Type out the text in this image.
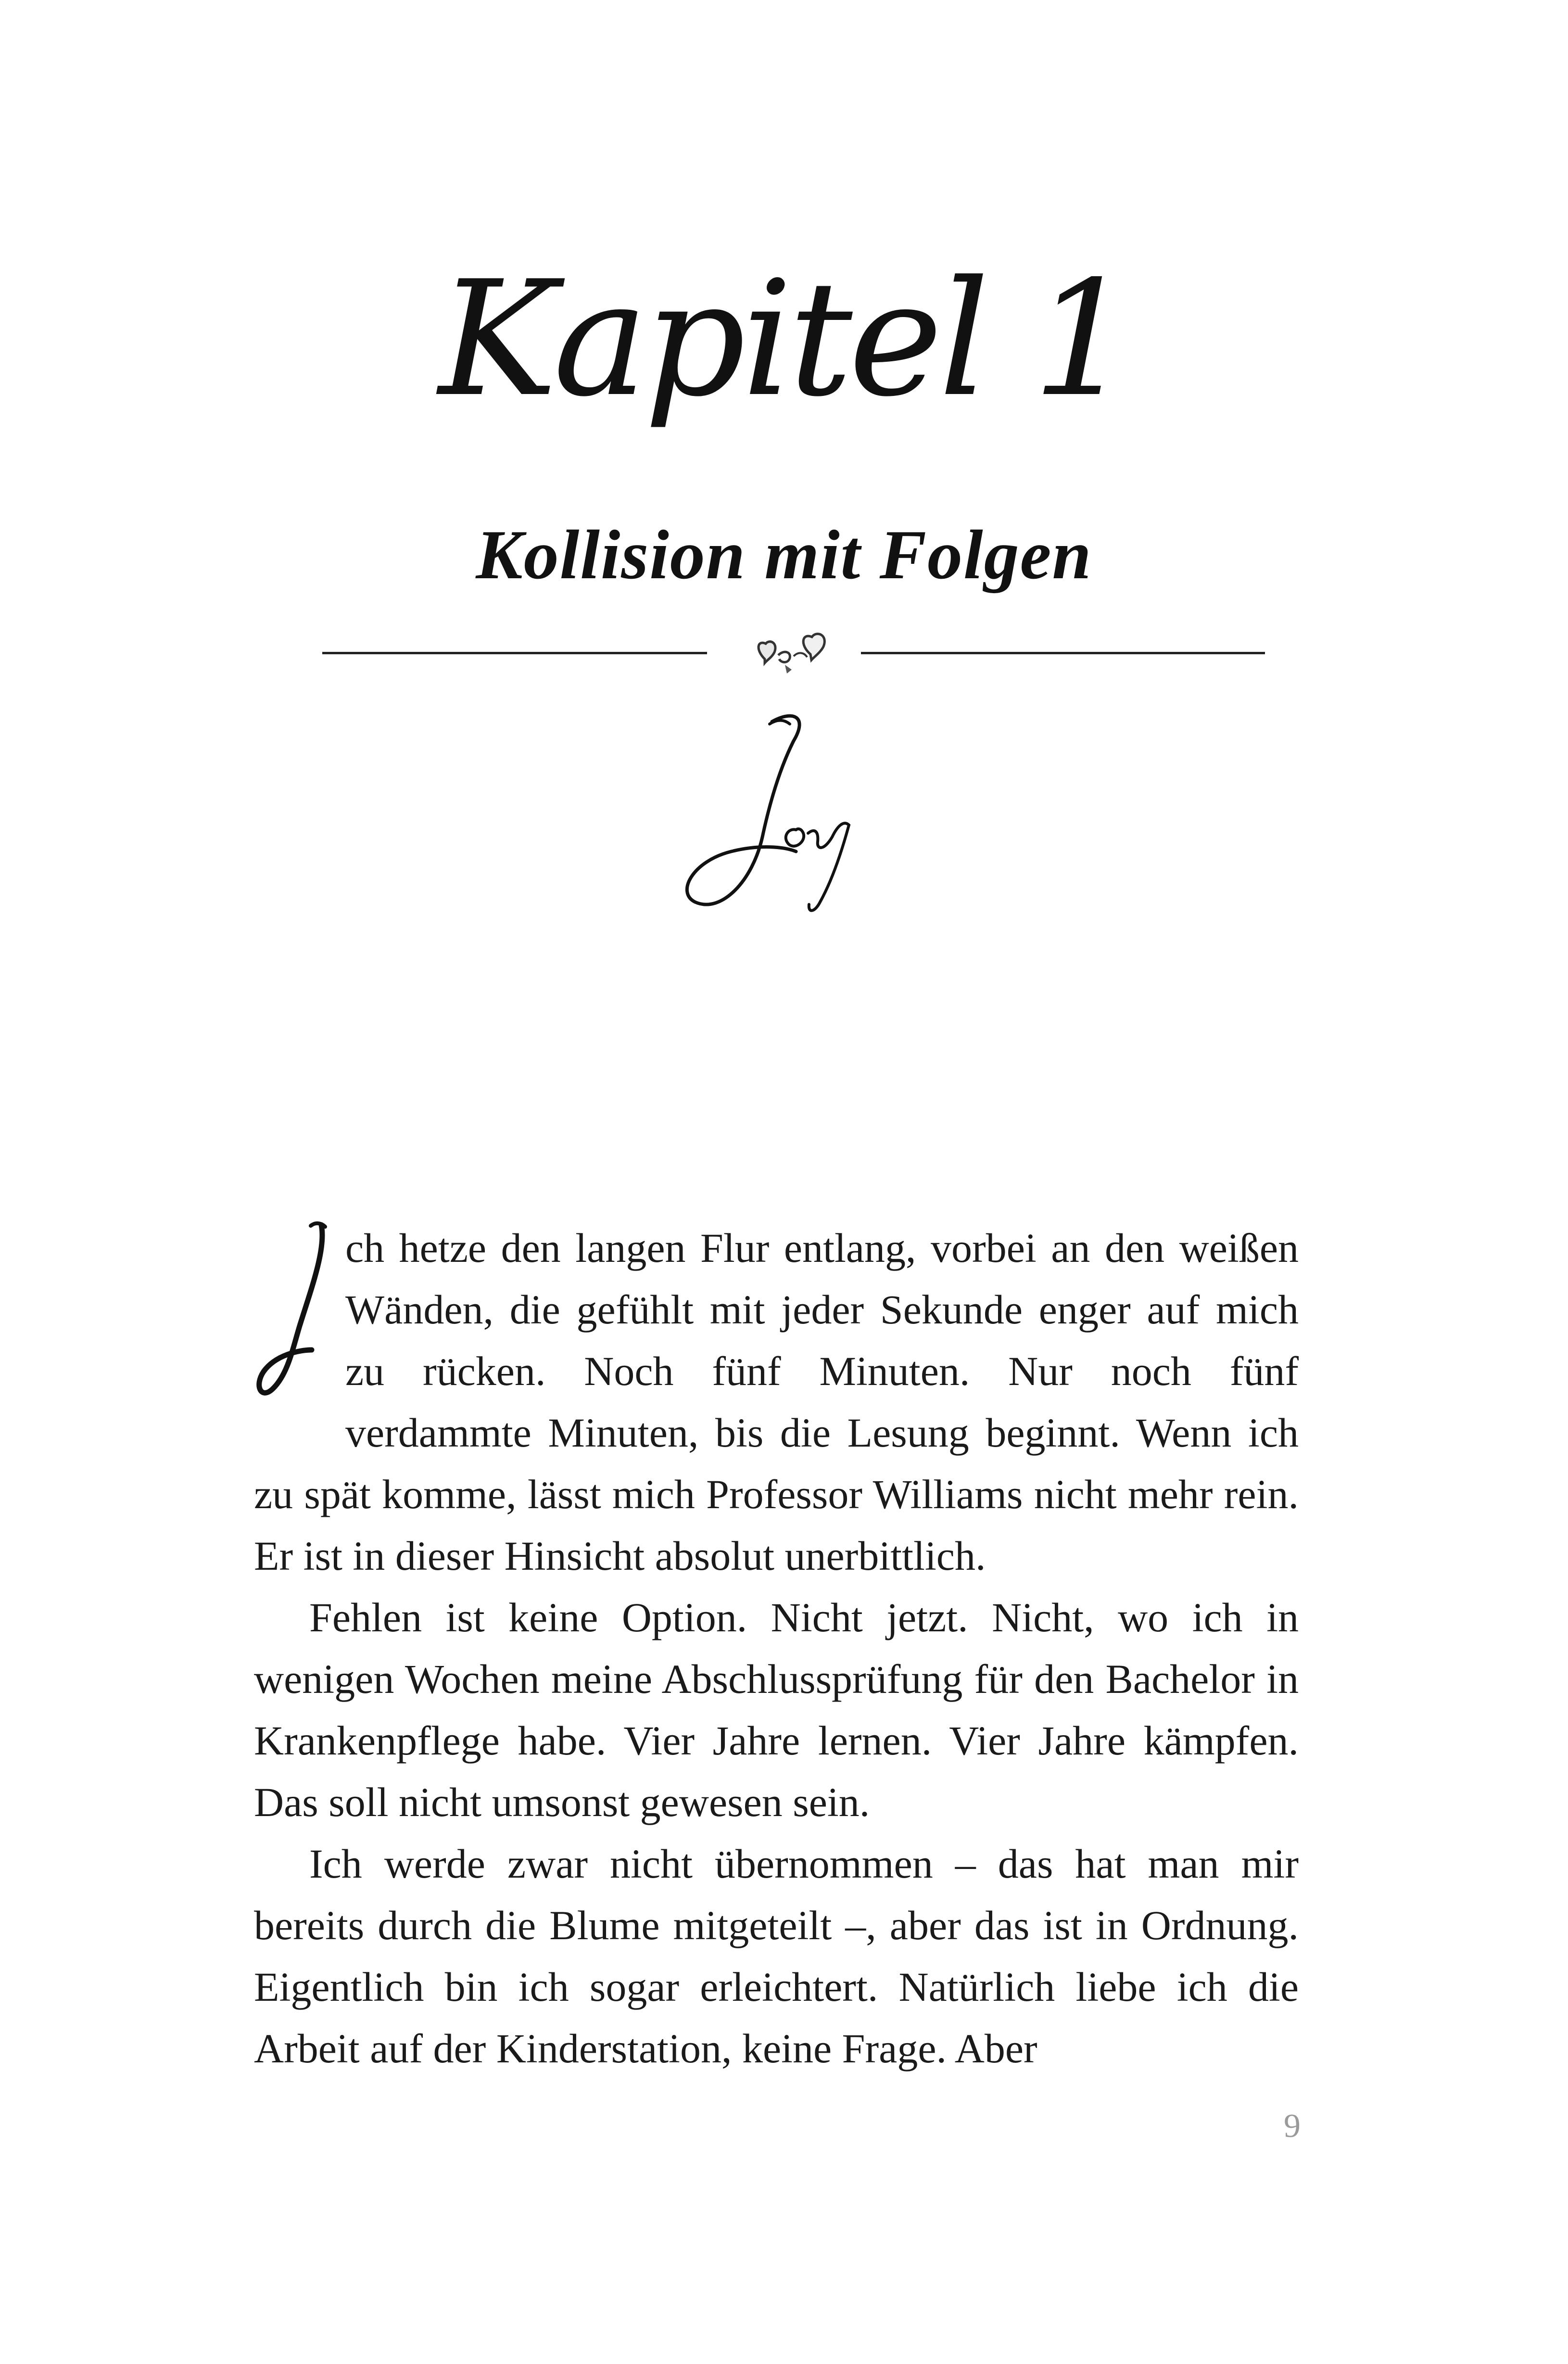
Kapitel 1
Kollision mit Folgen

ch hetze den langen Flur entlang, vorbei an den weißen Wänden, die gefühlt mit jeder Sekunde enger auf mich zu rücken. Noch fünf Minuten. Nur noch fünf verdammte Minuten, bis die Lesung beginnt. Wenn ich zu spät komme, lässt mich Professor Williams nicht mehr rein. Er ist in dieser Hinsicht absolut unerbittlich.

Fehlen ist keine Option. Nicht jetzt. Nicht, wo ich in wenigen Wochen meine Abschlussprüfung für den Bachelor in Krankenpflege habe. Vier Jahre lernen. Vier Jahre kämpfen. Das soll nicht umsonst gewesen sein.

Ich werde zwar nicht übernommen – das hat man mir bereits durch die Blume mitgeteilt –, aber das ist in Ordnung. Eigentlich bin ich sogar erleichtert. Natürlich liebe ich die Arbeit auf der Kinderstation, keine Frage. Aber

9
